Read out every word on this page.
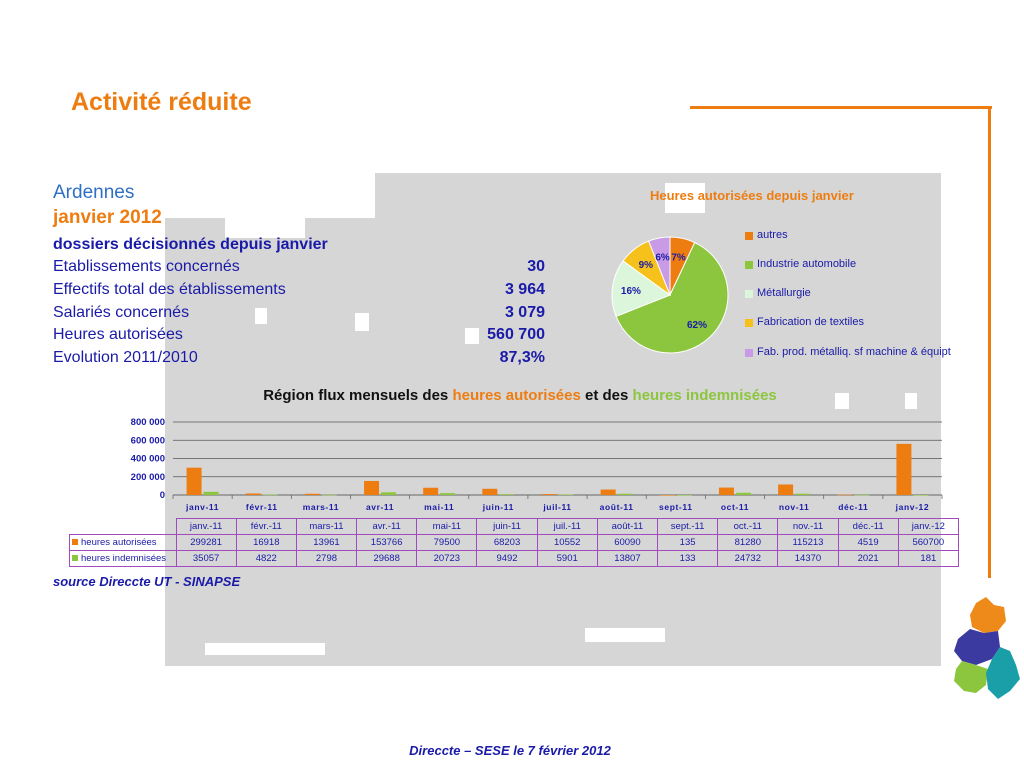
Activité réduite
Ardennes
janvier 2012
dossiers décisionnés depuis janvier
Etablissements concernés	30
Effectifs total des établissements	3 964
Salariés concernés	3 079
Heures autorisées	560 700
Evolution 2011/2010	87,3%
Heures autorisées depuis janvier
7%
62%
16%
9%
6%
autres
Industrie automobile
Métallurgie
Fabrication de textiles
Fab. prod. métalliq. sf machine & équipt
Région flux mensuels des heures autorisées et des heures indemnisées
0
200 000
400 000
600 000
800 000
janv-11	févr-11	mars-11	avr-11	mai-11	juin-11	juil-11	août-11	sept-11	oct-11	nov-11	déc-11	janv-12
	janv.-11	févr.-11	mars-11	avr.-11	mai-11	juin-11	juil.-11	août-11	sept.-11	oct.-11	nov.-11	déc.-11	janv.-12
heures autorisées	299281	16918	13961	153766	79500	68203	10552	60090	135	81280	115213	4519	560700
heures indemnisées	35057	4822	2798	29688	20723	9492	5901	13807	133	24732	14370	2021	181
source Direccte UT - SINAPSE
Direccte – SESE le 7 février 2012
